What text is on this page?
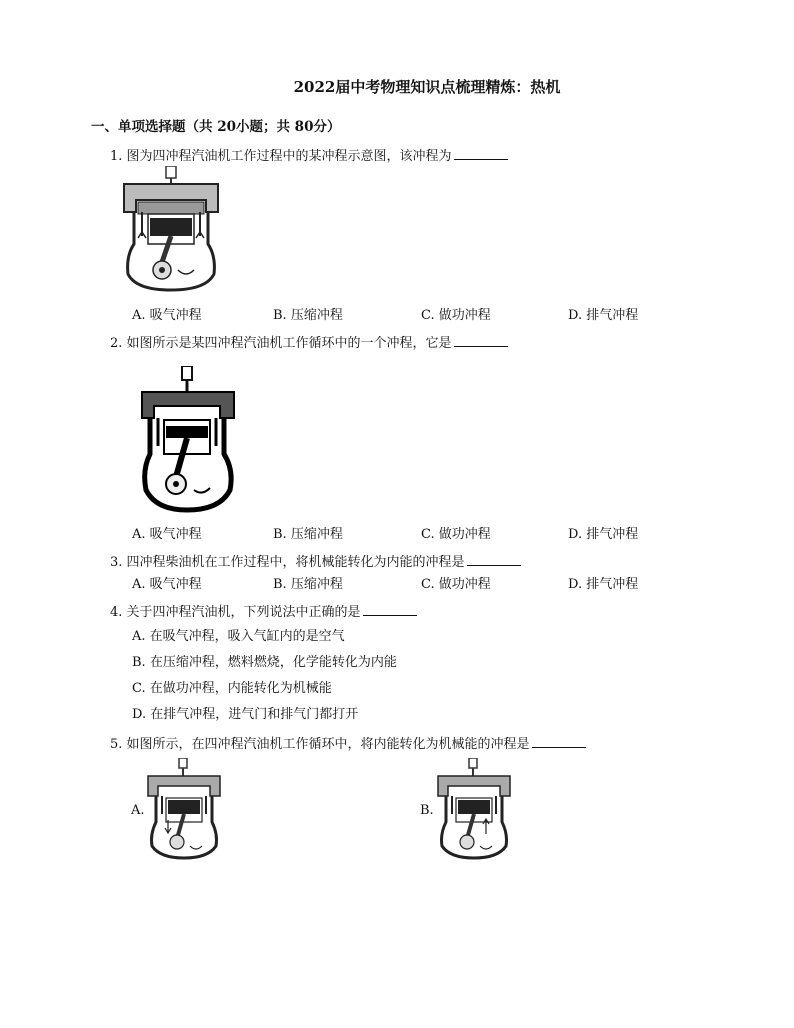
2022届中考物理知识点梳理精炼：热机
一、单项选择题（共 20小题；共 80分）
1. 图为四冲程汽油机工作过程中的某冲程示意图，该冲程为
A. 吸气冲程	B. 压缩冲程	C. 做功冲程	D. 排气冲程
2. 如图所示是某四冲程汽油机工作循环中的一个冲程，它是
A. 吸气冲程	B. 压缩冲程	C. 做功冲程	D. 排气冲程
3. 四冲程柴油机在工作过程中，将机械能转化为内能的冲程是
A. 吸气冲程	B. 压缩冲程	C. 做功冲程	D. 排气冲程
4. 关于四冲程汽油机，下列说法中正确的是
A. 在吸气冲程，吸入气缸内的是空气
B. 在压缩冲程，燃料燃烧，化学能转化为内能
C. 在做功冲程，内能转化为机械能
D. 在排气冲程，进气门和排气门都打开
5. 如图所示，在四冲程汽油机工作循环中，将内能转化为机械能的冲程是
A.	B.
